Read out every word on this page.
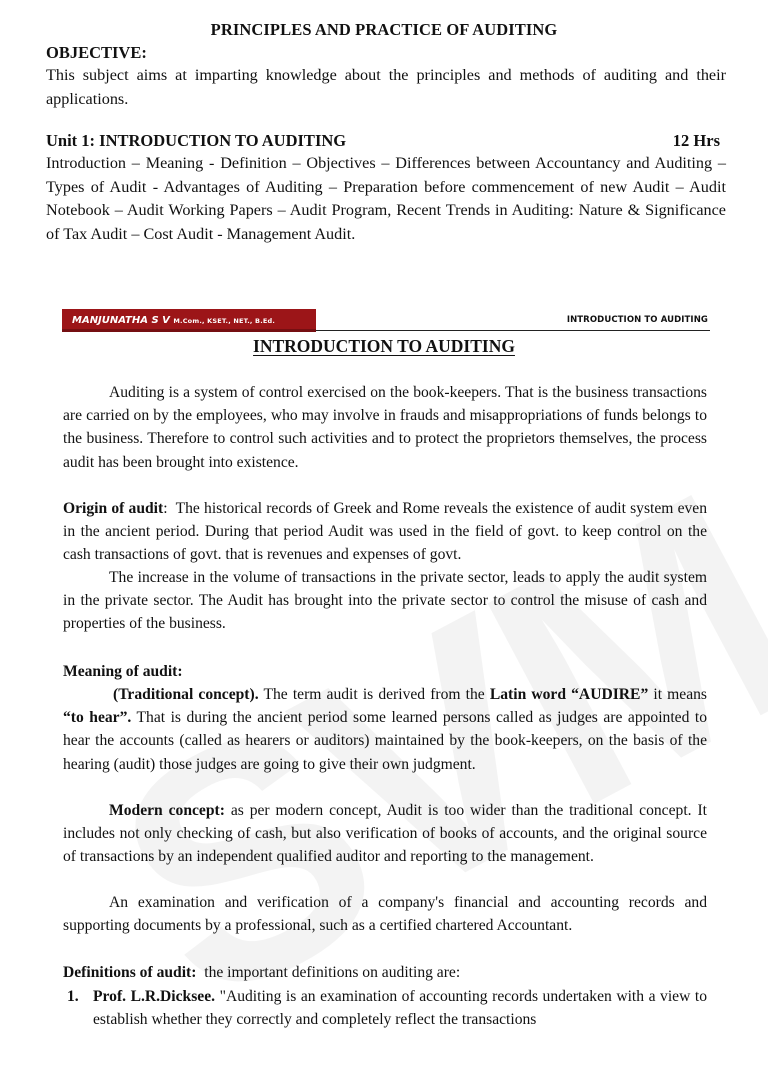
PRINCIPLES AND PRACTICE OF AUDITING
OBJECTIVE:
This subject aims at imparting knowledge about the principles and methods of auditing and their applications.
Unit 1: INTRODUCTION TO AUDITING	12 Hrs
Introduction – Meaning - Definition – Objectives – Differences between Accountancy and Auditing – Types of Audit - Advantages of Auditing – Preparation before commencement of new Audit – Audit Notebook – Audit Working Papers – Audit Program, Recent Trends in Auditing: Nature & Significance of Tax Audit – Cost Audit - Management Audit.
MANJUNATHA S V M.Com., KSET., NET., B.Ed.	INTRODUCTION TO AUDITING
INTRODUCTION TO AUDITING
Auditing is a system of control exercised on the book-keepers. That is the business transactions are carried on by the employees, who may involve in frauds and misappropriations of funds belongs to the business. Therefore to control such activities and to protect the proprietors themselves, the process audit has been brought into existence.
Origin of audit:  The historical records of Greek and Rome reveals the existence of audit system even in the ancient period. During that period Audit was used in the field of govt. to keep control on the cash transactions of govt. that is revenues and expenses of govt.
The increase in the volume of transactions in the private sector, leads to apply the audit system in the private sector. The Audit has brought into the private sector to control the misuse of cash and properties of the business.
Meaning of audit:
(Traditional concept). The term audit is derived from the Latin word “AUDIRE” it means “to hear”. That is during the ancient period some learned persons called as judges are appointed to hear the accounts (called as hearers or auditors) maintained by the book-keepers, on the basis of the hearing (audit) those judges are going to give their own judgment.
Modern concept: as per modern concept, Audit is too wider than the traditional concept. It includes not only checking of cash, but also verification of books of accounts, and the original source of transactions by an independent qualified auditor and reporting to the management.
An examination and verification of a company's financial and accounting records and supporting documents by a professional, such as a certified chartered Accountant.
Definitions of audit: the important definitions on auditing are:
1. Prof. L.R.Dicksee. "Auditing is an examination of accounting records undertaken with a view to establish whether they correctly and completely reflect the transactions
